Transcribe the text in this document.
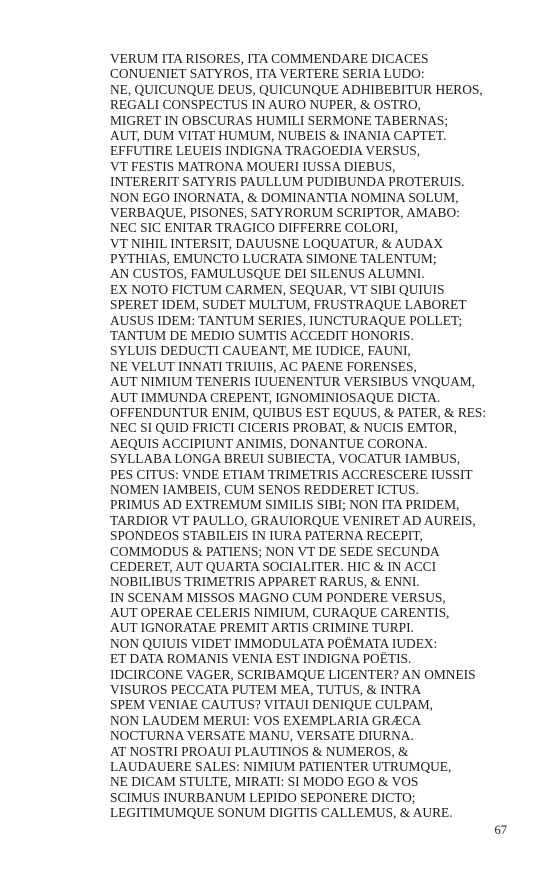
VERUM ITA RISORES, ITA COMMENDARE DICACES
CONUENIET SATYROS, ITA VERTERE SERIA LUDO:
NE, QUICUNQUE DEUS, QUICUNQUE ADHIBEBITUR HEROS,
REGALI CONSPECTUS IN AURO NUPER, & OSTRO,
MIGRET IN OBSCURAS HUMILI SERMONE TABERNAS;
AUT, DUM VITAT HUMUM, NUBEIS & INANIA CAPTET.
EFFUTIRE LEUEIS INDIGNA TRAGOEDIA VERSUS,
VT FESTIS MATRONA MOUERI IUSSA DIEBUS,
INTERERIT SATYRIS PAULLUM PUDIBUNDA PROTERUIS.
NON EGO INORNATA, & DOMINANTIA NOMINA SOLUM,
VERBAQUE, PISONES, SATYRORUM SCRIPTOR, AMABO:
NEC SIC ENITAR TRAGICO DIFFERRE COLORI,
VT NIHIL INTERSIT, DAUUSNE LOQUATUR, & AUDAX
PYTHIAS, EMUNCTO LUCRATA SIMONE TALENTUM;
AN CUSTOS, FAMULUSQUE DEI SILENUS ALUMNI.
EX NOTO FICTUM CARMEN, SEQUAR, VT SIBI QUIUIS
SPERET IDEM, SUDET MULTUM, FRUSTRAQUE LABORET
AUSUS IDEM: TANTUM SERIES, IUNCTURAQUE POLLET;
TANTUM DE MEDIO SUMTIS ACCEDIT HONORIS.
SYLUIS DEDUCTI CAUEANT, ME IUDICE, FAUNI,
NE VELUT INNATI TRIUIIS, AC PAENE FORENSES,
AUT NIMIUM TENERIS IUUENENTUR VERSIBUS VNQUAM,
AUT IMMUNDA CREPENT, IGNOMINIOSAQUE DICTA.
OFFENDUNTUR ENIM, QUIBUS EST EQUUS, & PATER, & RES:
NEC SI QUID FRICTI CICERIS PROBAT, & NUCIS EMTOR,
AEQUIS ACCIPIUNT ANIMIS, DONANTUE CORONA.
SYLLABA LONGA BREUI SUBIECTA, VOCATUR IAMBUS,
PES CITUS: VNDE ETIAM TRIMETRIS ACCRESCERE IUSSIT
NOMEN IAMBEIS, CUM SENOS REDDERET ICTUS.
PRIMUS AD EXTREMUM SIMILIS SIBI; NON ITA PRIDEM,
TARDIOR VT PAULLO, GRAUIORQUE VENIRET AD AUREIS,
SPONDEOS STABILEIS IN IURA PATERNA RECEPIT,
COMMODUS & PATIENS; NON VT DE SEDE SECUNDA
CEDERET, AUT QUARTA SOCIALITER. HIC & IN ACCI
NOBILIBUS TRIMETRIS APPARET RARUS, & ENNI.
IN SCENAM MISSOS MAGNO CUM PONDERE VERSUS,
AUT OPERAE CELERIS NIMIUM, CURAQUE CARENTIS,
AUT IGNORATAE PREMIT ARTIS CRIMINE TURPI.
NON QUIUIS VIDET IMMODULATA POËMATA IUDEX:
ET DATA ROMANIS VENIA EST INDIGNA POËTIS.
IDCIRCONE VAGER, SCRIBAMQUE LICENTER? AN OMNEIS
VISUROS PECCATA PUTEM MEA, TUTUS, & INTRA
SPEM VENIAE CAUTUS? VITAUI DENIQUE CULPAM,
NON LAUDEM MERUI: VOS EXEMPLARIA GRÆCA
NOCTURNA VERSATE MANU, VERSATE DIURNA.
AT NOSTRI PROAUI PLAUTINOS & NUMEROS, &
LAUDAUERE SALES: NIMIUM PATIENTER UTRUMQUE,
NE DICAM STULTE, MIRATI: SI MODO EGO & VOS
SCIMUS INURBANUM LEPIDO SEPONERE DICTO;
LEGITIMUMQUE SONUM DIGITIS CALLEMUS, & AURE.
67
